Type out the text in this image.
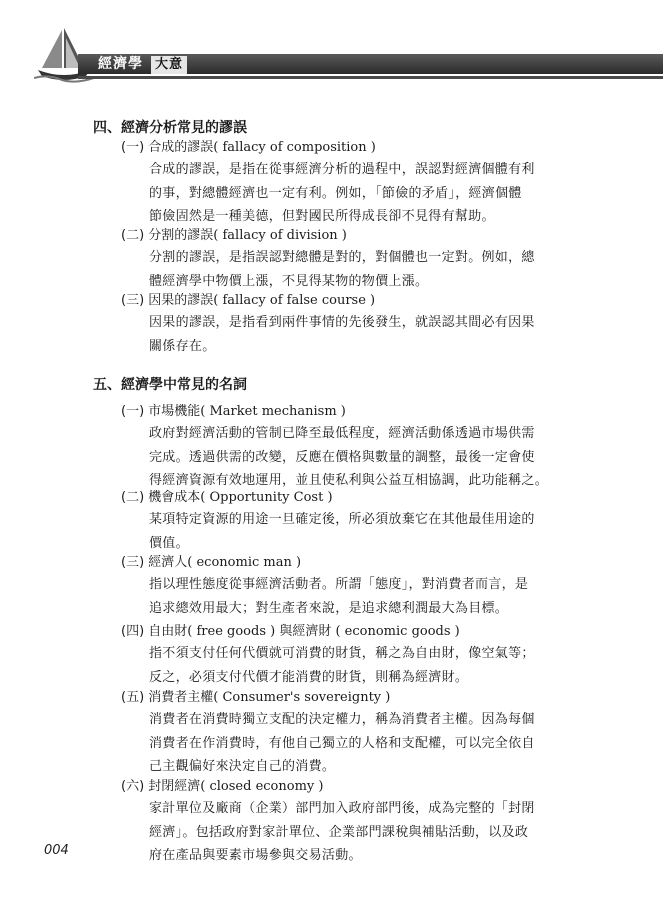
經濟學 大意
四、經濟分析常見的謬誤
(一) 合成的謬誤( fallacy of composition )
合成的謬誤，是指在從事經濟分析的過程中，誤認對經濟個體有利
的事，對總體經濟也一定有利。例如，「節儉的矛盾」，經濟個體
節儉固然是一種美德，但對國民所得成長卻不見得有幫助。
(二) 分割的謬誤( fallacy of division )
分割的謬誤，是指誤認對總體是對的，對個體也一定對。例如，總
體經濟學中物價上漲，不見得某物的物價上漲。
(三) 因果的謬誤( fallacy of false course )
因果的謬誤，是指看到兩件事情的先後發生，就誤認其間必有因果
關係存在。
五、經濟學中常見的名詞
(一) 市場機能( Market mechanism )
政府對經濟活動的管制已降至最低程度，經濟活動係透過市場供需
完成。透過供需的改變，反應在價格與數量的調整，最後一定會使
得經濟資源有效地運用，並且使私利與公益互相協調，此功能稱之。
(二) 機會成本( Opportunity Cost )
某項特定資源的用途一旦確定後，所必須放棄它在其他最佳用途的
價值。
(三) 經濟人( economic man )
指以理性態度從事經濟活動者。所謂「態度」，對消費者而言，是
追求總效用最大；對生產者來說，是追求總利潤最大為目標。
(四) 自由財( free goods ) 與經濟財 ( economic goods )
指不須支付任何代價就可消費的財貨，稱之為自由財，像空氣等；
反之，必須支付代價才能消費的財貨，則稱為經濟財。
(五) 消費者主權( Consumer's sovereignty )
消費者在消費時獨立支配的決定權力，稱為消費者主權。因為每個
消費者在作消費時，有他自己獨立的人格和支配權，可以完全依自
己主觀偏好來決定自己的消費。
(六) 封閉經濟( closed economy )
家計單位及廠商（企業）部門加入政府部門後，成為完整的「封閉
經濟」。包括政府對家計單位、企業部門課稅與補貼活動，以及政
府在產品與要素市場參與交易活動。
004
